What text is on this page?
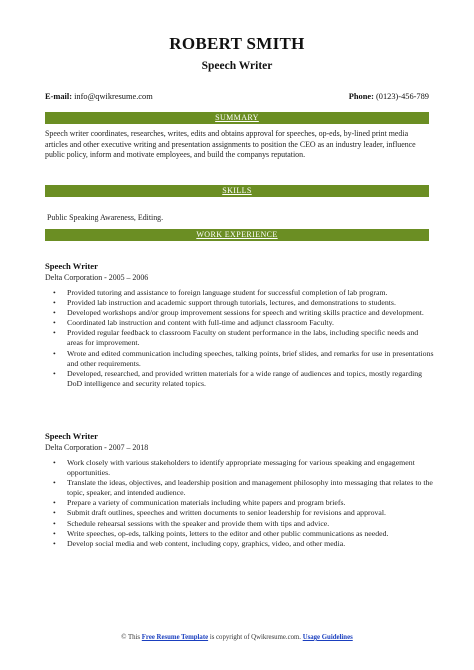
ROBERT SMITH
Speech Writer
E-mail: info@qwikresume.com	Phone: (0123)-456-789
SUMMARY
Speech writer coordinates, researches, writes, edits and obtains approval for speeches, op-eds, by-lined print media articles and other executive writing and presentation assignments to position the CEO as an industry leader, influence public policy, inform and motivate employees, and build the companys reputation.
SKILLS
Public Speaking Awareness, Editing.
WORK EXPERIENCE
Speech Writer
Delta Corporation - 2005 – 2006
• Provided tutoring and assistance to foreign language student for successful completion of lab program.
• Provided lab instruction and academic support through tutorials, lectures, and demonstrations to students.
• Developed workshops and/or group improvement sessions for speech and writing skills practice and development.
• Coordinated lab instruction and content with full-time and adjunct classroom Faculty.
• Provided regular feedback to classroom Faculty on student performance in the labs, including specific needs and areas for improvement.
• Wrote and edited communication including speeches, talking points, brief slides, and remarks for use in presentations and other requirements.
• Developed, researched, and provided written materials for a wide range of audiences and topics, mostly regarding DoD intelligence and security related topics.
Speech Writer
Delta Corporation - 2007 – 2018
• Work closely with various stakeholders to identify appropriate messaging for various speaking and engagement opportunities.
• Translate the ideas, objectives, and leadership position and management philosophy into messaging that relates to the topic, speaker, and intended audience.
• Prepare a variety of communication materials including white papers and program briefs.
• Submit draft outlines, speeches and written documents to senior leadership for revisions and approval.
• Schedule rehearsal sessions with the speaker and provide them with tips and advice.
• Write speeches, op-eds, talking points, letters to the editor and other public communications as needed.
• Develop social media and web content, including copy, graphics, video, and other media.
© This Free Resume Template is copyright of Qwikresume.com. Usage Guidelines
